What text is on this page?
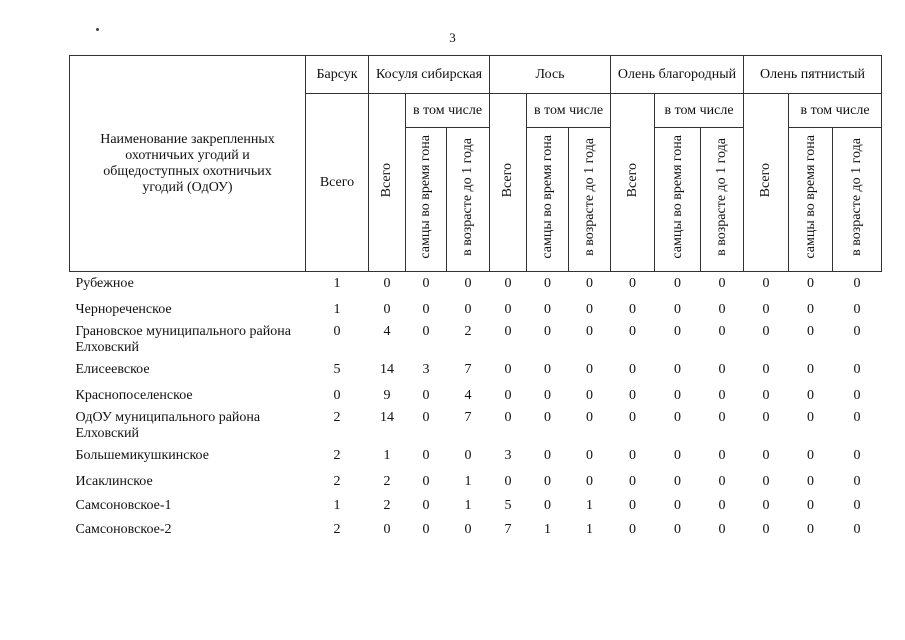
3
Наименование закрепленных охотничьих угодий и общедоступных охотничьих угодий (ОдОУ)	Барсук	Косуля сибирская			Лось			Олень благородный			Олень пятнистый		
	Всего	Всего	в том числе		Всего	в том числе		Всего	в том числе		Всего	в том числе	
			самцы во время гона	в возрасте до 1 года		самцы во время гона	в возрасте до 1 года		самцы во время гона	в возрасте до 1 года		самцы во время гона	в возрасте до 1 года

Рубежное	1	0	0	0	0	0	0	0	0	0	0	0	0
Чернореченское	1	0	0	0	0	0	0	0	0	0	0	0	0
Грановское муниципального района Елховский	0	4	0	2	0	0	0	0	0	0	0	0	0
Елисеевское	5	14	3	7	0	0	0	0	0	0	0	0	0
Краснопоселенское	0	9	0	4	0	0	0	0	0	0	0	0	0
ОдОУ муниципального района Елховский	2	14	0	7	0	0	0	0	0	0	0	0	0
Большемикушкинское	2	1	0	0	3	0	0	0	0	0	0	0	0
Исаклинское	2	2	0	1	0	0	0	0	0	0	0	0	0
Самсоновское-1	1	2	0	1	5	0	1	0	0	0	0	0	0
Самсоновское-2	2	0	0	0	7	1	1	0	0	0	0	0	0
